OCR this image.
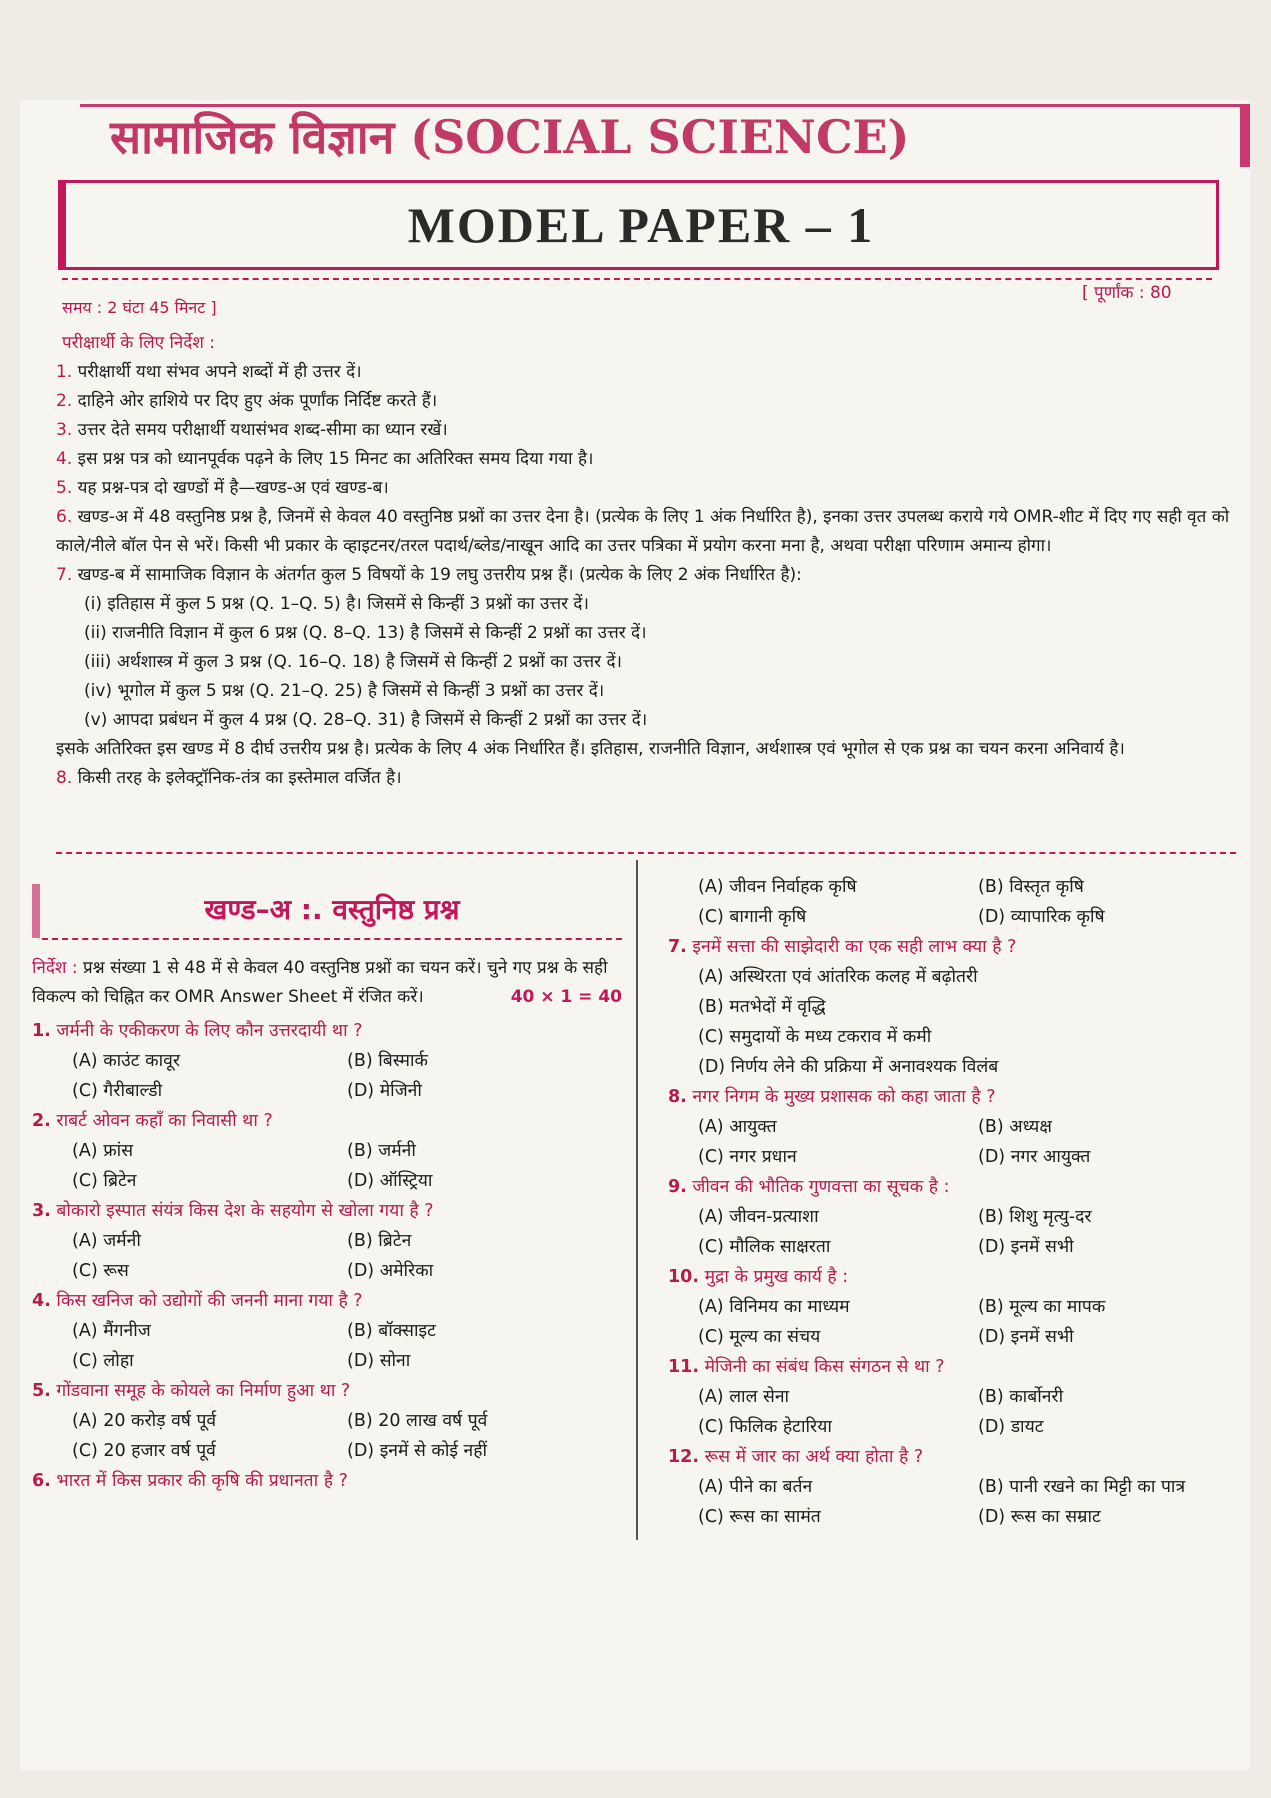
सामाजिक विज्ञान (SOCIAL SCIENCE)
MODEL PAPER – 1
समय : 2 घंटा 45 मिनट ]
[ पूर्णांक : 80
परीक्षार्थी के लिए निर्देश :

1. परीक्षार्थी यथा संभव अपने शब्दों में ही उत्तर दें।

2. दाहिने ओर हाशिये पर दिए हुए अंक पूर्णांक निर्दिष्ट करते हैं।

3. उत्तर देते समय परीक्षार्थी यथासंभव शब्द-सीमा का ध्यान रखें।

4. इस प्रश्न पत्र को ध्यानपूर्वक पढ़ने के लिए 15 मिनट का अतिरिक्त समय दिया गया है।

5. यह प्रश्न-पत्र दो खण्डों में है—खण्ड-अ एवं खण्ड-ब।

6. खण्ड-अ में 48 वस्तुनिष्ठ प्रश्न है, जिनमें से केवल 40 वस्तुनिष्ठ प्रश्नों का उत्तर देना है। (प्रत्येक के लिए 1 अंक निर्धारित है), इनका उत्तर उपलब्ध कराये गये OMR-शीट में दिए गए सही वृत को काले/नीले बॉल पेन से भरें। किसी भी प्रकार के व्हाइटनर/तरल पदार्थ/ब्लेड/नाखून आदि का उत्तर पत्रिका में प्रयोग करना मना है, अथवा परीक्षा परिणाम अमान्य होगा।

7. खण्ड-ब में सामाजिक विज्ञान के अंतर्गत कुल 5 विषयों के 19 लघु उत्तरीय प्रश्न हैं। (प्रत्येक के लिए 2 अंक निर्धारित है):

(i) इतिहास में कुल 5 प्रश्न (Q. 1–Q. 5) है। जिसमें से किन्हीं 3 प्रश्नों का उत्तर दें।

(ii) राजनीति विज्ञान में कुल 6 प्रश्न (Q. 8–Q. 13) है जिसमें से किन्हीं 2 प्रश्नों का उत्तर दें।

(iii) अर्थशास्त्र में कुल 3 प्रश्न (Q. 16–Q. 18) है जिसमें से किन्हीं 2 प्रश्नों का उत्तर दें।

(iv) भूगोल में कुल 5 प्रश्न (Q. 21–Q. 25) है जिसमें से किन्हीं 3 प्रश्नों का उत्तर दें।

(v) आपदा प्रबंधन में कुल 4 प्रश्न (Q. 28–Q. 31) है जिसमें से किन्हीं 2 प्रश्नों का उत्तर दें।

इसके अतिरिक्त इस खण्ड में 8 दीर्घ उत्तरीय प्रश्न है। प्रत्येक के लिए 4 अंक निर्धारित हैं। इतिहास, राजनीति विज्ञान, अर्थशास्त्र एवं भूगोल से एक प्रश्न का चयन करना अनिवार्य है।

8. किसी तरह के इलेक्ट्रॉनिक-तंत्र का इस्तेमाल वर्जित है।

खण्ड–अ :. वस्तुनिष्ठ प्रश्न
निर्देश : प्रश्न संख्या 1 से 48 में से केवल 40 वस्तुनिष्ठ प्रश्नों का चयन करें। चुने गए प्रश्न के सही विकल्प को चिह्नित कर OMR Answer Sheet में रंजित करें।	40 × 1 = 40
1. जर्मनी के एकीकरण के लिए कौन उत्तरदायी था ?
(A) काउंट कावूर	(B) बिस्मार्क
(C) गैरीबाल्डी	(D) मेजिनी
2. राबर्ट ओवन कहाँ का निवासी था ?
(A) फ्रांस	(B) जर्मनी
(C) ब्रिटेन	(D) ऑस्ट्रिया
3. बोकारो इस्पात संयंत्र किस देश के सहयोग से खोला गया है ?
(A) जर्मनी	(B) ब्रिटेन
(C) रूस	(D) अमेरिका
4. किस खनिज को उद्योगों की जननी माना गया है ?
(A) मैंगनीज	(B) बॉक्साइट
(C) लोहा	(D) सोना
5. गोंडवाना समूह के कोयले का निर्माण हुआ था ?
(A) 20 करोड़ वर्ष पूर्व	(B) 20 लाख वर्ष पूर्व
(C) 20 हजार वर्ष पूर्व	(D) इनमें से कोई नहीं
6. भारत में किस प्रकार की कृषि की प्रधानता है ?
(A) जीवन निर्वाहक कृषि	(B) विस्तृत कृषि
(C) बागानी कृषि	(D) व्यापारिक कृषि
7. इनमें सत्ता की साझेदारी का एक सही लाभ क्या है ?
(A) अस्थिरता एवं आंतरिक कलह में बढ़ोतरी
(B) मतभेदों में वृद्धि
(C) समुदायों के मध्य टकराव में कमी
(D) निर्णय लेने की प्रक्रिया में अनावश्यक विलंब
8. नगर निगम के मुख्य प्रशासक को कहा जाता है ?
(A) आयुक्त	(B) अध्यक्ष
(C) नगर प्रधान	(D) नगर आयुक्त
9. जीवन की भौतिक गुणवत्ता का सूचक है :
(A) जीवन-प्रत्याशा	(B) शिशु मृत्यु-दर
(C) मौलिक साक्षरता	(D) इनमें सभी
10. मुद्रा के प्रमुख कार्य है :
(A) विनिमय का माध्यम	(B) मूल्य का मापक
(C) मूल्य का संचय	(D) इनमें सभी
11. मेजिनी का संबंध किस संगठन से था ?
(A) लाल सेना	(B) कार्बोनरी
(C) फिलिक हेटारिया	(D) डायट
12. रूस में जार का अर्थ क्या होता है ?
(A) पीने का बर्तन	(B) पानी रखने का मिट्टी का पात्र
(C) रूस का सामंत	(D) रूस का सम्राट
